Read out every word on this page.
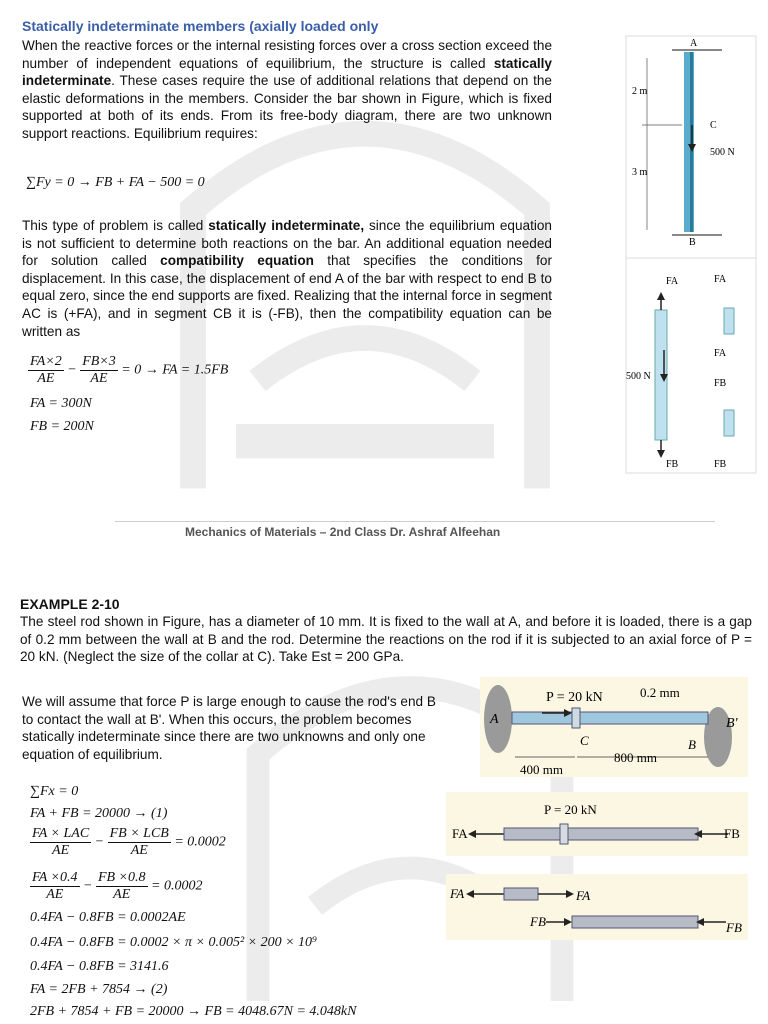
Statically indeterminate members (axially loaded only
When the reactive forces or the internal resisting forces over a cross section exceed the number of independent equations of equilibrium, the structure is called statically indeterminate. These cases require the use of additional relations that depend on the elastic deformations in the members. Consider the bar shown in Figure, which is fixed supported at both of its ends. From its free-body diagram, there are two unknown support reactions. Equilibrium requires:
∑Fy = 0 → FB + FA − 500 = 0
This type of problem is called statically indeterminate, since the equilibrium equation is not sufficient to determine both reactions on the bar. An additional equation needed for solution called compatibility equation that specifies the conditions for displacement. In this case, the displacement of end A of the bar with respect to end B to equal zero, since the end supports are fixed. Realizing that the internal force in segment AC is (+FA), and in segment CB it is (-FB), then the compatibility equation can be written as
$\frac{FA\times 2}{AE} - \frac{FB\times 3}{AE} = 0$ → FA = 1.5FB
FA = 300N
FB = 200N
A
B
C
500 N
2 m
3 m
FA
FB
500 N
FA
FA
FB
FB
Mechanics of Materials – 2nd Class Dr. Ashraf Alfeehan
EXAMPLE 2-10
The steel rod shown in Figure, has a diameter of 10 mm. It is fixed to the wall at A, and before it is loaded, there is a gap of 0.2 mm between the wall at B and the rod. Determine the reactions on the rod if it is subjected to an axial force of P = 20 kN. (Neglect the size of the collar at C). Take Est = 200 GPa.
We will assume that force P is large enough to cause the rod's end B to contact the wall at B'. When this occurs, the problem becomes statically indeterminate since there are two unknowns and only one equation of equilibrium.
∑Fx = 0
FA + FB = 20000 → (1)
$\frac{\text{FA × LAC}}{AE} - \frac{\text{FB × LCB}}{AE} = 0.0002$
$\frac{FA \times 0.4}{AE} - \frac{FB \times 0.8}{AE} = 0.0002$
0.4FA − 0.8FB = 0.0002AE
0.4FA − 0.8FB = 0.0002 × π × 0.005² × 200 × 10⁹
0.4FA − 0.8FB = 3141.6
FA = 2FB + 7854 → (2)
2FB + 7854 + FB = 20000 → FB = 4048.67N = 4.048kN
A	B'
B
C
P = 20 kN	0.2 mm
400 mm
800 mm
FA	FB
P = 20 kN
FA	FA
FB	FB
